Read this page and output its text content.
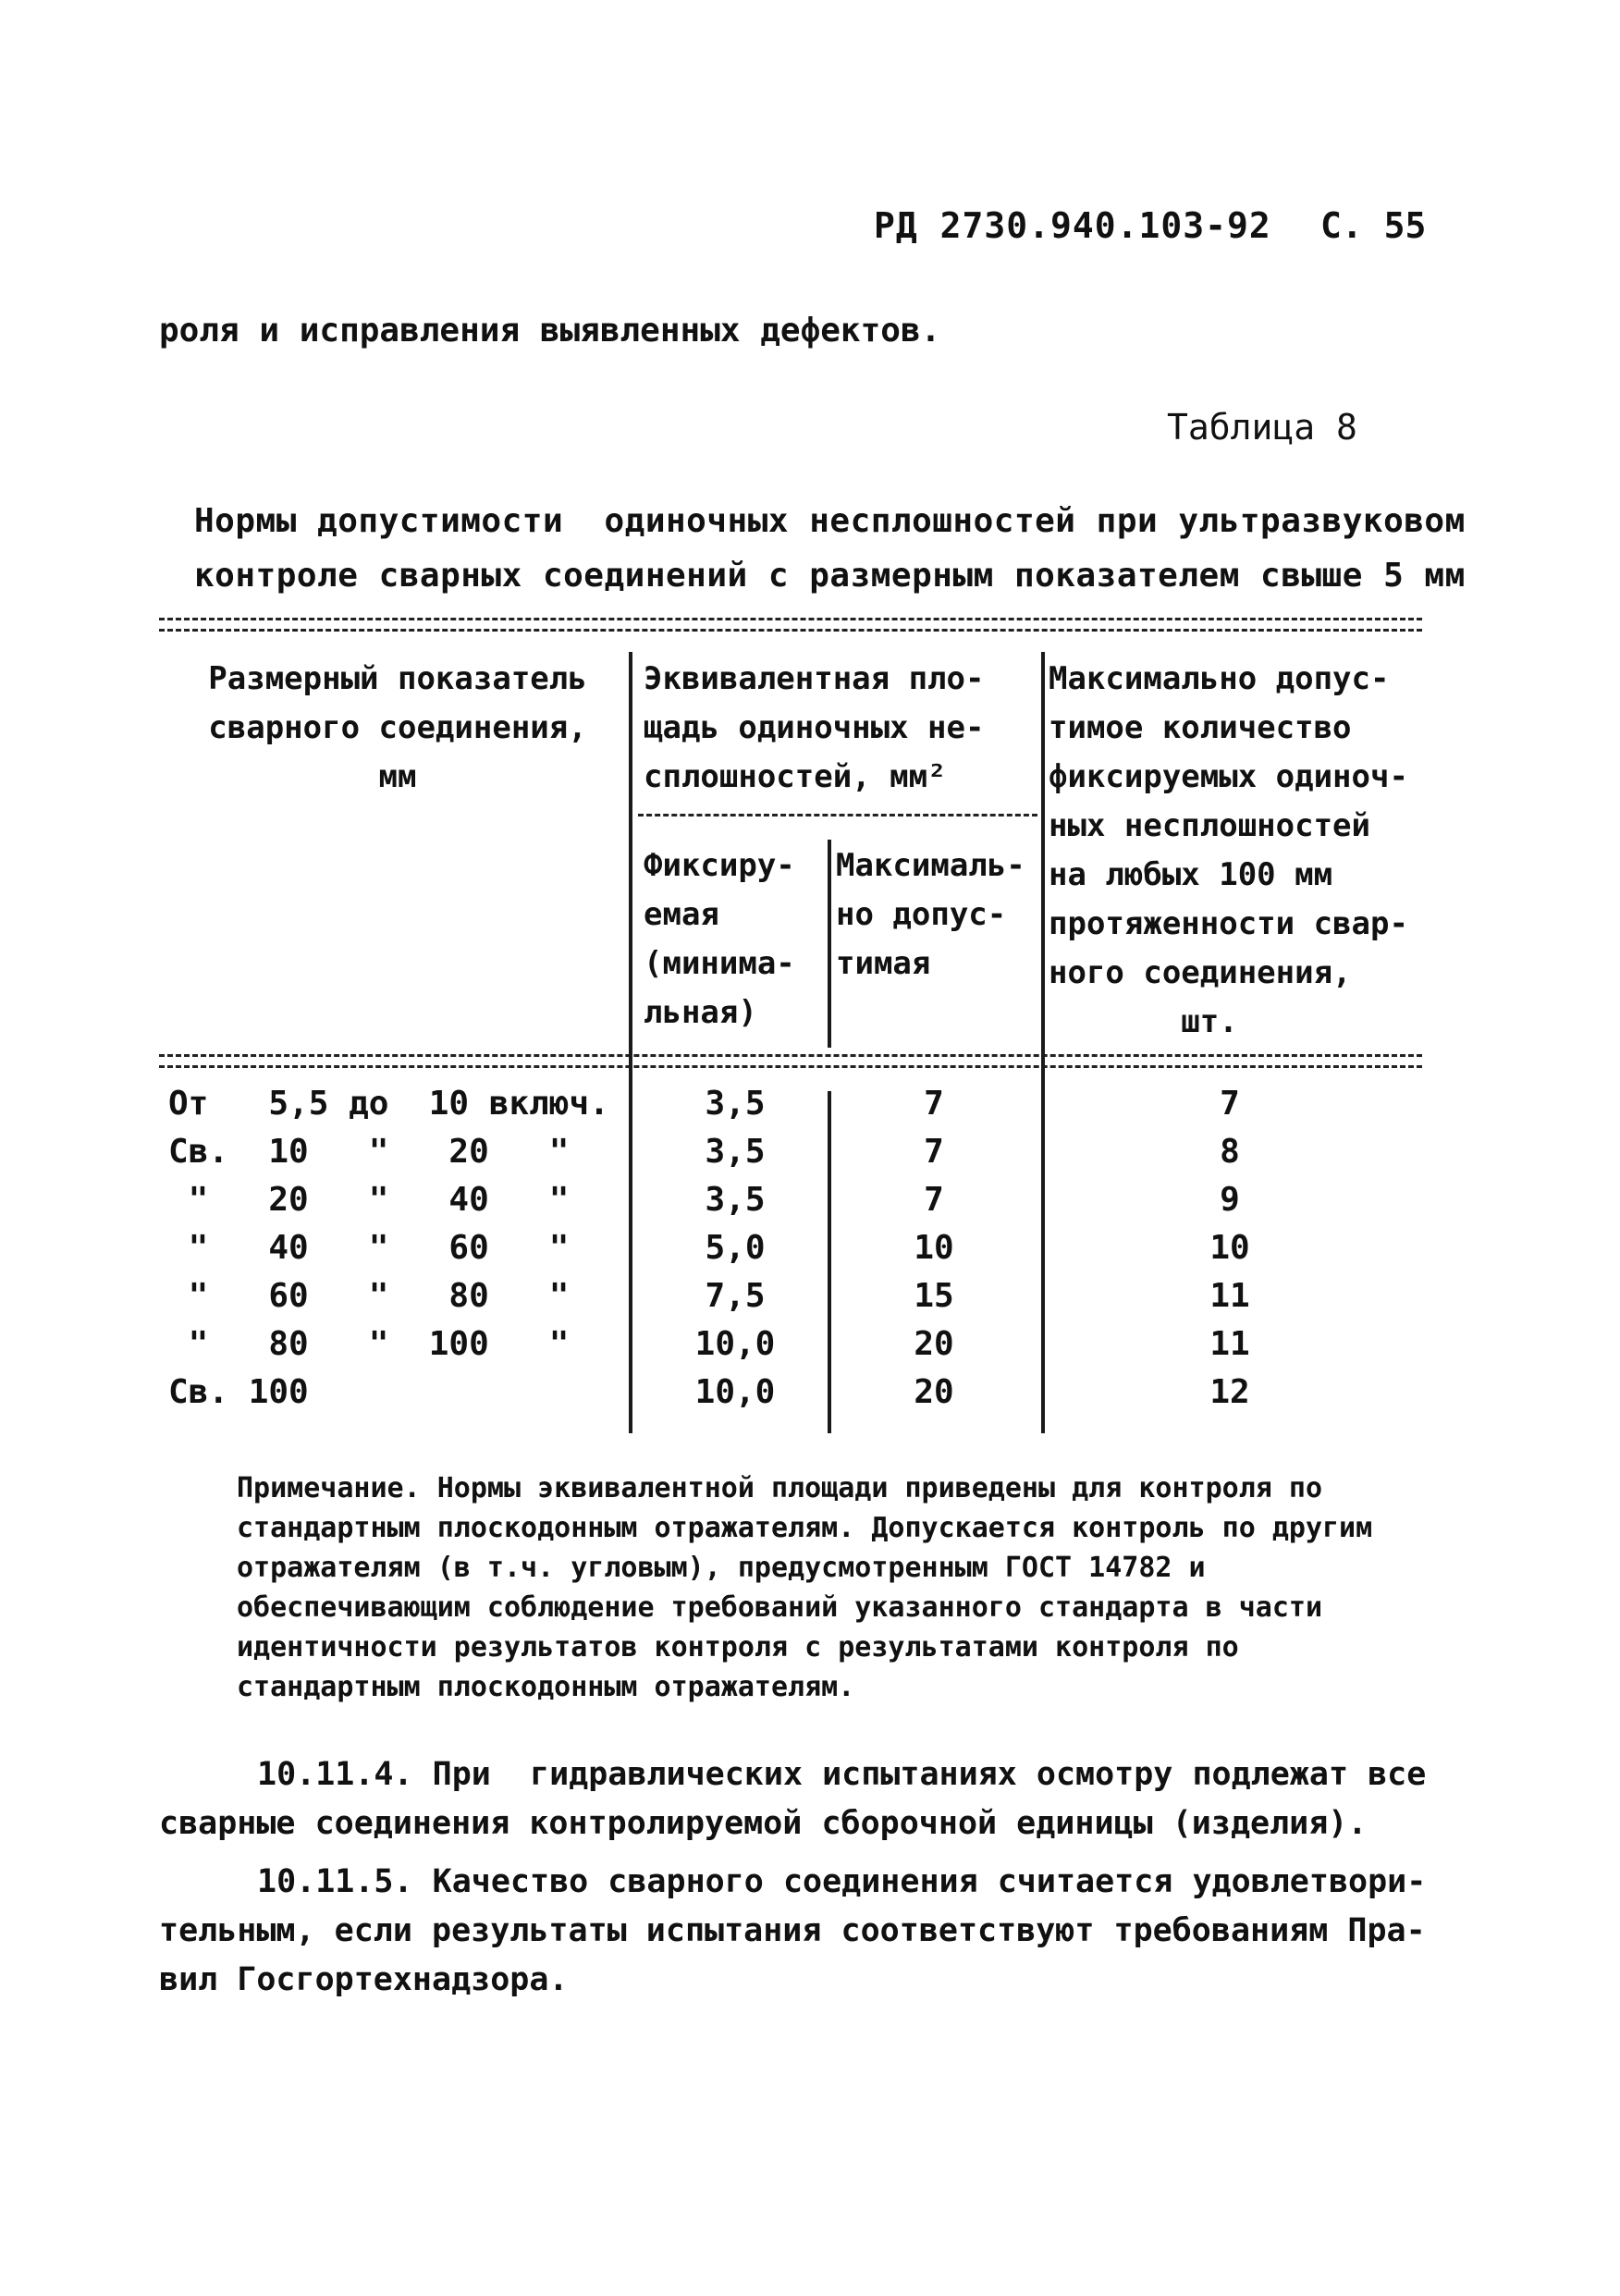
РД 2730.940.103-92 С. 55
роля и исправления выявленных дефектов.
Таблица 8
Нормы допустимости  одиночных несплошностей при ультразвуковом
контроле сварных соединений с размерным показателем свыше 5 мм
Размерный показатель
сварного соединения,
мм
Эквивалентная пло-
щадь одиночных не-
сплошностей, мм²
Фиксиру-
емая
(минима-
льная)
Максималь-
но допус-
тимая
Максимально допус-
тимое количество
фиксируемых одиноч-
ных несплошностей
на любых 100 мм
протяженности свар-
ного соединения,
шт.
От   5,5 до  10 включ.	3,5	7	7
Св.  10   "   20   "	3,5	7	8
"   20   "   40   "	3,5	7	9
"   40   "   60   "	5,0	10	10
"   60   "   80   "	7,5	15	11
"   80   "  100   "	10,0	20	11
Св. 100	10,0	20	12
Примечание. Нормы эквивалентной площади приведены для контроля по стандартным плоскодонным отражателям. Допускается контроль по другим отражателям (в т.ч. угловым), предусмотренным ГОСТ 14782 и обеспечивающим соблюдение требований указанного стандарта в части идентичности результатов контроля с результатами контроля по стандартным плоскодонным отражателям.
10.11.4. При  гидравлических испытаниях осмотру подлежат все
сварные соединения контролируемой сборочной единицы (изделия).
10.11.5. Качество сварного соединения считается удовлетвори-
тельным, если результаты испытания соответствуют требованиям Пра-
вил Госгортехнадзора.
